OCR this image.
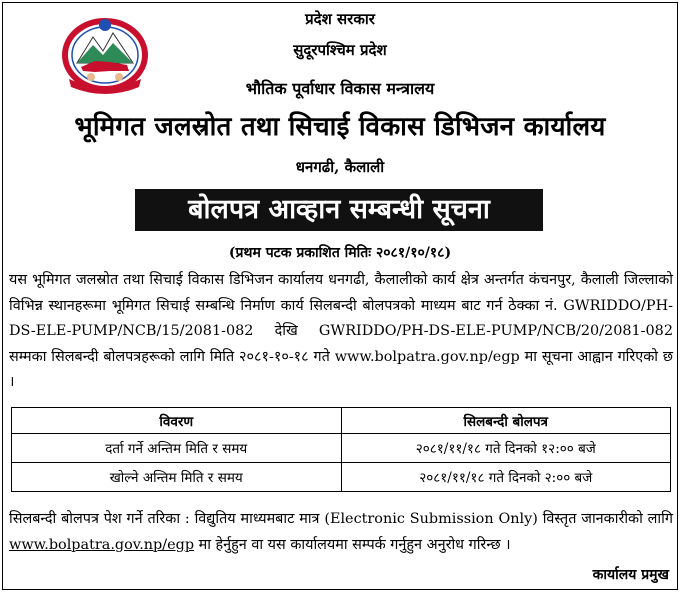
प्रदेश सरकार
सुदूरपश्चिम प्रदेश
भौतिक पूर्वाधार विकास मन्त्रालय
भूमिगत जलस्रोत तथा सिचाई विकास डिभिजन कार्यालय
धनगढी, कैलाली
बोलपत्र आव्हान सम्बन्धी सूचना
(प्रथम पटक प्रकाशित मितिः २०८१/१०/१८)

यस भूमिगत जलस्रोत तथा सिचाई विकास डिभिजन कार्यालय धनगढी, कैलालीको कार्य क्षेत्र अन्तर्गत कंचनपुर, कैलाली जिल्लाको विभिन्न स्थानहरूमा भूमिगत सिचाई सम्बन्धि निर्माण कार्य सिलबन्दी बोलपत्रको माध्यम बाट गर्न ठेक्का नं. GWRIDDO/PH-DS-ELE-PUMP/NCB/15/2081-082 देखि GWRIDDO/PH-DS-ELE-PUMP/NCB/20/2081-082 सम्मका सिलबन्दी बोलपत्रहरूको लागि मिति २०८१-१०-१८ गते www.bolpatra.gov.np/egp मा सूचना आह्वान गरिएको छ ।

विवरण	सिलबन्दी बोलपत्र
दर्ता गर्ने अन्तिम मिति र समय	२०८१/११/१८ गते दिनको १२:०० बजे
खोल्ने अन्तिम मिति र समय	२०८१/११/१८ गते दिनको २:०० बजे

सिलबन्दी बोलपत्र पेश गर्ने तरिका : विद्युतिय माध्यमबाट मात्र (Electronic Submission Only) विस्तृत जानकारीको लागि www.bolpatra.gov.np/egp मा हेर्नुहुन वा यस कार्यालयमा सम्पर्क गर्नुहुन अनुरोध गरिन्छ ।

कार्यालय प्रमुख
